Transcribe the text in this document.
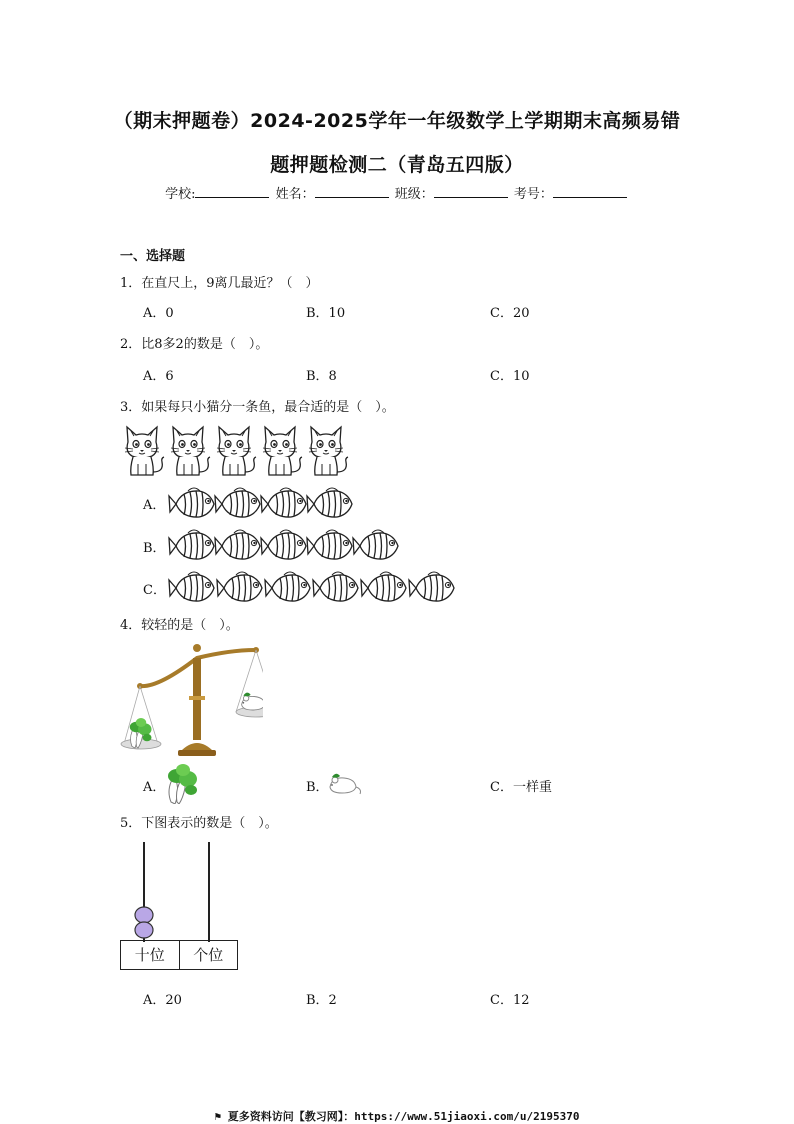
（期末押题卷）2024-2025学年一年级数学上学期期末高频易错
题押题检测二（青岛五四版）
学校:	姓名：	班级：	考号：
一、选择题
1．在直尺上，9离几最近？（　）
A．0	B．10	C．20
2．比8多2的数是（　）。
A．6	B．8	C．10
3．如果每只小猫分一条鱼，最合适的是（　）。
A．
B．
C．
4．较轻的是（　）。
A．	B．	C．一样重
5．下图表示的数是（　）。
十位	个位
A．20	B．2	C．12
⚑ 夏多资料访问【教习网】：https://www.51jiaoxi.com/u/2195370
